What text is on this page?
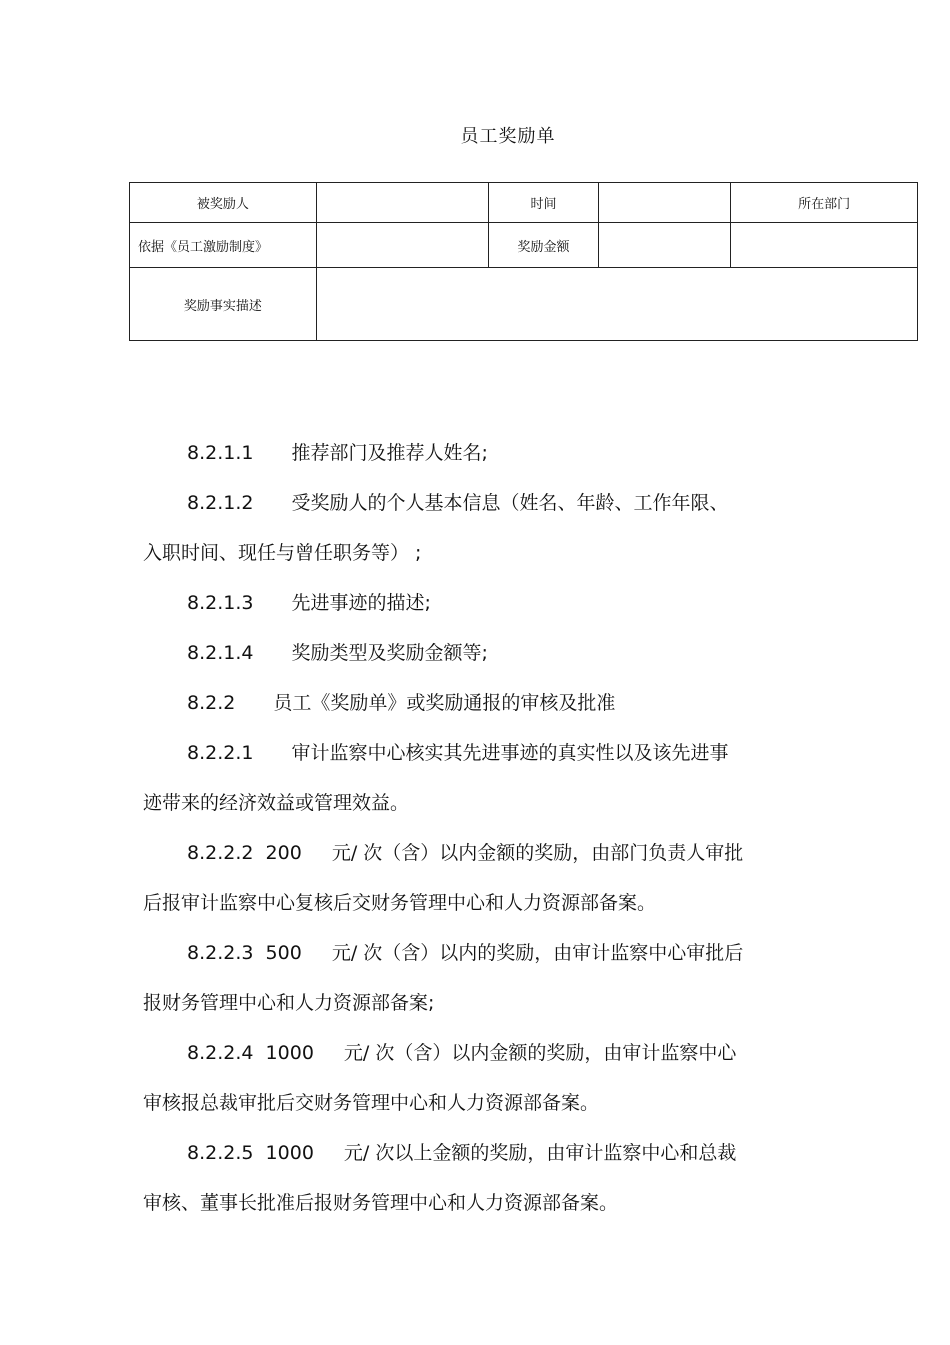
员工奖励单
被奖励人		时间		所在部门
依据《员工激励制度》		奖励金额		
奖励事实描述				

8.2.1.1 推荐部门及推荐人姓名;

8.2.1.2 受奖励人的个人基本信息（姓名、年龄、工作年限、

入职时间、现任与曾任职务等） ;

8.2.1.3 先进事迹的描述;

8.2.1.4 奖励类型及奖励金额等;

8.2.2 员工《奖励单》或奖励通报的审核及批准

8.2.2.1 审计监察中心核实其先进事迹的真实性以及该先进事

迹带来的经济效益或管理效益。

8.2.2.2  200 元/ 次（含）以内金额的奖励，由部门负责人审批

后报审计监察中心复核后交财务管理中心和人力资源部备案。

8.2.2.3  500 元/ 次（含）以内的奖励，由审计监察中心审批后

报财务管理中心和人力资源部备案;

8.2.2.4  1000 元/ 次（含）以内金额的奖励，由审计监察中心

审核报总裁审批后交财务管理中心和人力资源部备案。

8.2.2.5  1000 元/ 次以上金额的奖励，由审计监察中心和总裁

审核、董事长批准后报财务管理中心和人力资源部备案。
